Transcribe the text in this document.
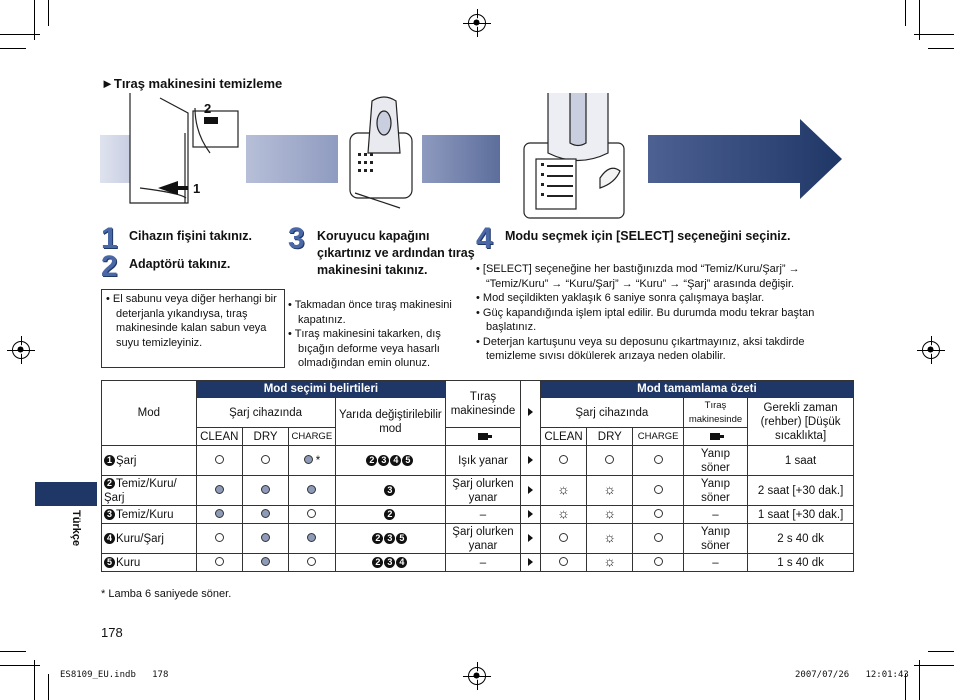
►Tıraş makinesini temizleme
2
1
1 Cihazın fişini takınız.
2 Adaptörü takınız.
• El sabunu veya diğer herhangi bir deterjanla yıkandıysa, tıraş makinesinde kalan sabun veya suyu temizleyiniz.
3 Koruyucu kapağını çıkartınız ve ardından tıraş makinesini takınız.
• Takmadan önce tıraş makinesini kapatınız.
• Tıraş makinesini takarken, dış bıçağın deforme veya hasarlı olmadığından emin olunuz.
4 Modu seçmek için [SELECT] seçeneğini seçiniz.
• [SELECT] seçeneğine her bastığınızda mod “Temiz/Kuru/Şarj” → “Temiz/Kuru” → “Kuru/Şarj” → “Kuru” → “Şarj” arasında değişir.
• Mod seçildikten yaklaşık 6 saniye sonra çalışmaya başlar.
• Güç kapandığında işlem iptal edilir. Bu durumda modu tekrar baştan başlatınız.
• Deterjan kartuşunu veya su deposunu çıkartmayınız, aksi takdirde temizleme sıvısı dökülerek arızaya neden olabilir.
Mod	Mod seçimi belirtileri				Tıraş makinesinde		Mod tamamlama özeti				
	Şarj cihazında			Yarıda değiştirilebilir mod			Şarj cihazında			Tıraş makinesinde	Gerekli zaman (rehber) [Düşük sıcaklıkta]
	CLEAN	DRY	CHARGE				CLEAN	DRY	CHARGE		
1 Şarj			*	2 3 4 5	Işık yanar					Yanıp söner	1 saat
2 Temiz/Kuru/ Şarj				3	Şarj olurken yanar		☼	☼		Yanıp söner	2 saat [+30 dak.]
3 Temiz/Kuru				2	–		☼	☼		–	1 saat [+30 dak.]
4 Kuru/Şarj				2 3 5	Şarj olurken yanar			☼		Yanıp söner	2 s 40 dk
5 Kuru				2 3 4	–			☼		–	1 s 40 dk
* Lamba 6 saniyede söner.
Türkçe
178
ES8109_EU.indb   178	2007/07/26   12:01:43
